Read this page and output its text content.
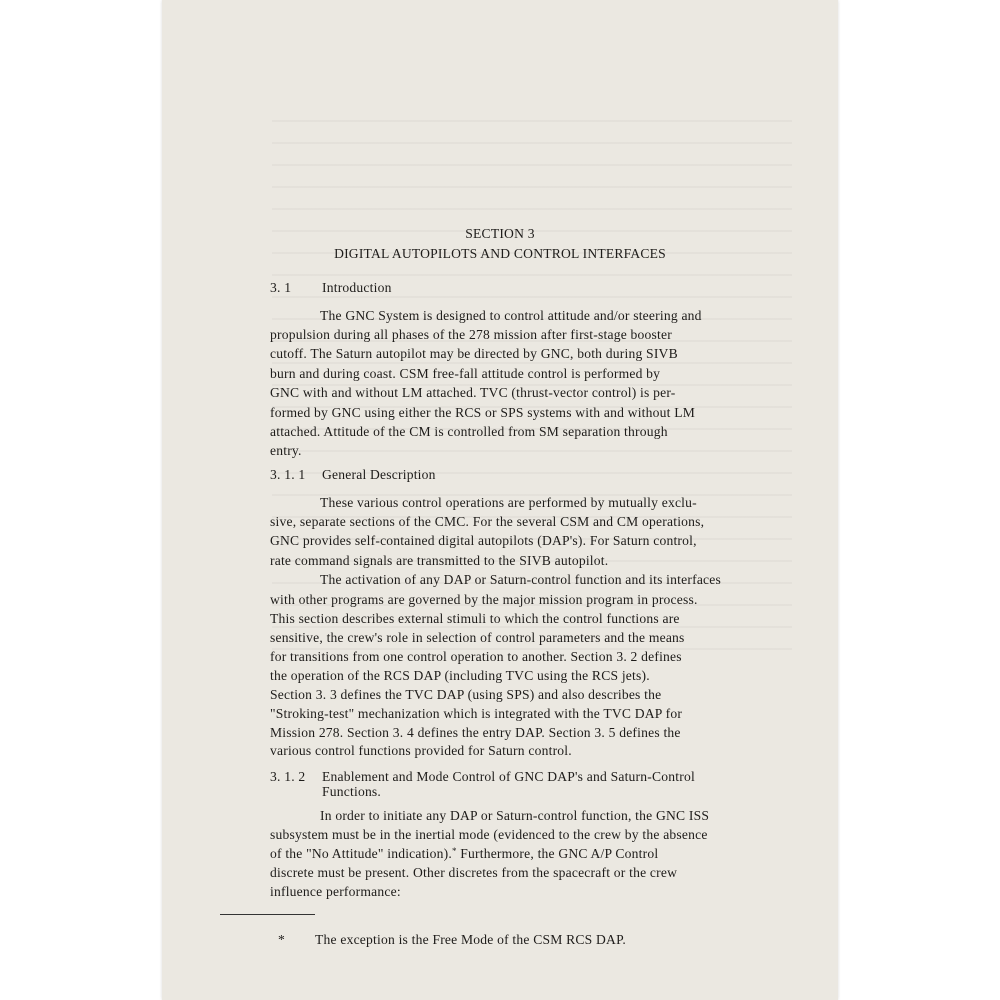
SECTION 3
DIGITAL AUTOPILOTS AND CONTROL INTERFACES
3. 1 Introduction
The GNC System is designed to control attitude and/or steering and
propulsion during all phases of the 278 mission after first-stage booster
cutoff. The Saturn autopilot may be directed by GNC, both during SIVB
burn and during coast. CSM free-fall attitude control is performed by
GNC with and without LM attached. TVC (thrust-vector control) is per-
formed by GNC using either the RCS or SPS systems with and without LM
attached. Attitude of the CM is controlled from SM separation through
entry.
3. 1. 1 General Description
These various control operations are performed by mutually exclu-
sive, separate sections of the CMC. For the several CSM and CM operations,
GNC provides self-contained digital autopilots (DAP's). For Saturn control,
rate command signals are transmitted to the SIVB autopilot.
The activation of any DAP or Saturn-control function and its interfaces
with other programs are governed by the major mission program in process.
This section describes external stimuli to which the control functions are
sensitive, the crew's role in selection of control parameters and the means
for transitions from one control operation to another. Section 3. 2 defines
the operation of the RCS DAP (including TVC using the RCS jets).
Section 3. 3 defines the TVC DAP (using SPS) and also describes the
"Stroking-test" mechanization which is integrated with the TVC DAP for
Mission 278. Section 3. 4 defines the entry DAP. Section 3. 5 defines the
various control functions provided for Saturn control.
3. 1. 2 Enablement and Mode Control of GNC DAP's and Saturn-Control
Functions.
In order to initiate any DAP or Saturn-control function, the GNC ISS
subsystem must be in the inertial mode (evidenced to the crew by the absence
of the "No Attitude" indication).* Furthermore, the GNC A/P Control
discrete must be present. Other discretes from the spacecraft or the crew
influence performance:
* The exception is the Free Mode of the CSM RCS DAP.
